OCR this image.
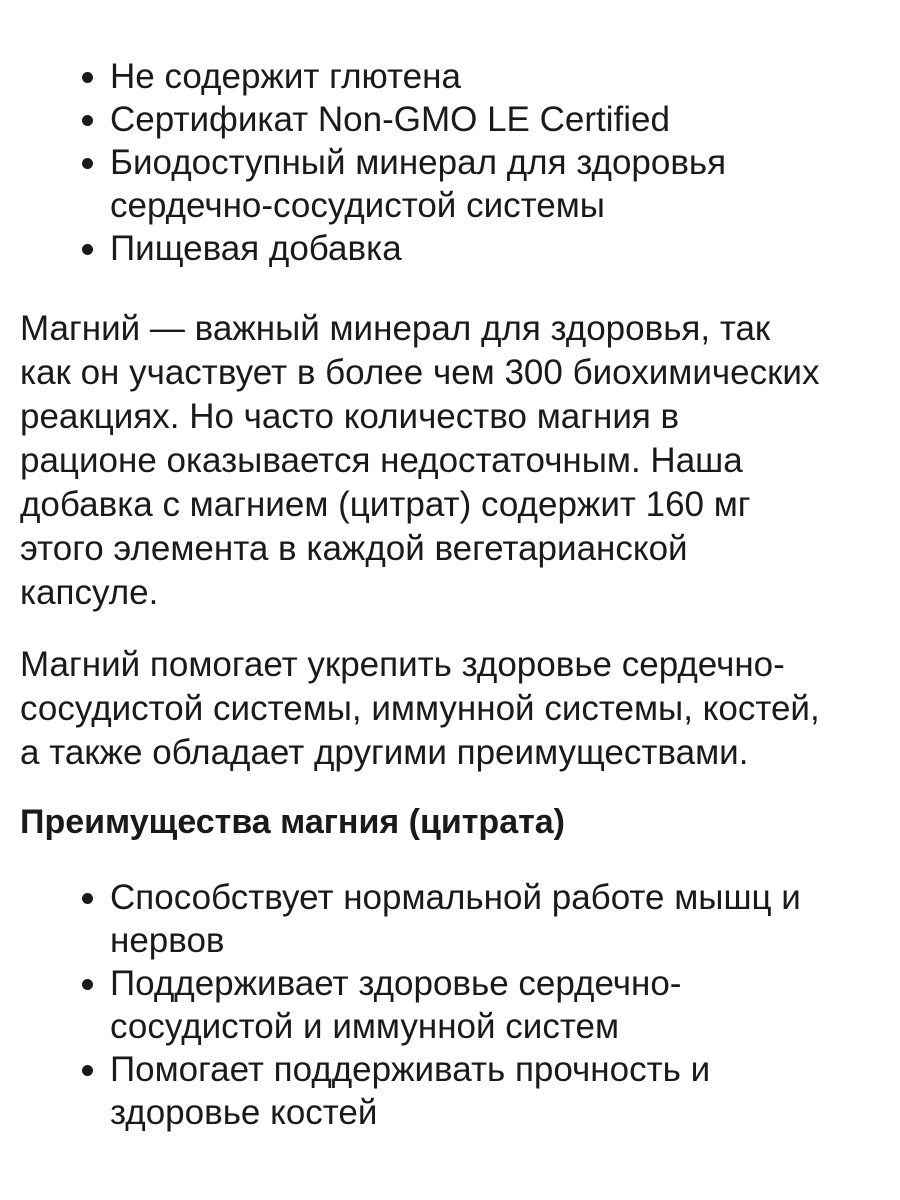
Не содержит глютена
Сертификат Non-GMO LE Certified
Биодоступный минерал для здоровья
сердечно-сосудистой системы
Пищевая добавка

Магний — важный минерал для здоровья, так
как он участвует в более чем 300 биохимических
реакциях. Но часто количество магния в
рационе оказывается недостаточным. Наша
добавка с магнием (цитрат) содержит 160 мг
этого элемента в каждой вегетарианской
капсуле.

Магний помогает укрепить здоровье сердечно-
сосудистой системы, иммунной системы, костей,
а также обладает другими преимуществами.

Преимущества магния (цитрата)
Способствует нормальной работе мышц и
нервов
Поддерживает здоровье сердечно-
сосудистой и иммунной систем
Помогает поддерживать прочность и
здоровье костей
